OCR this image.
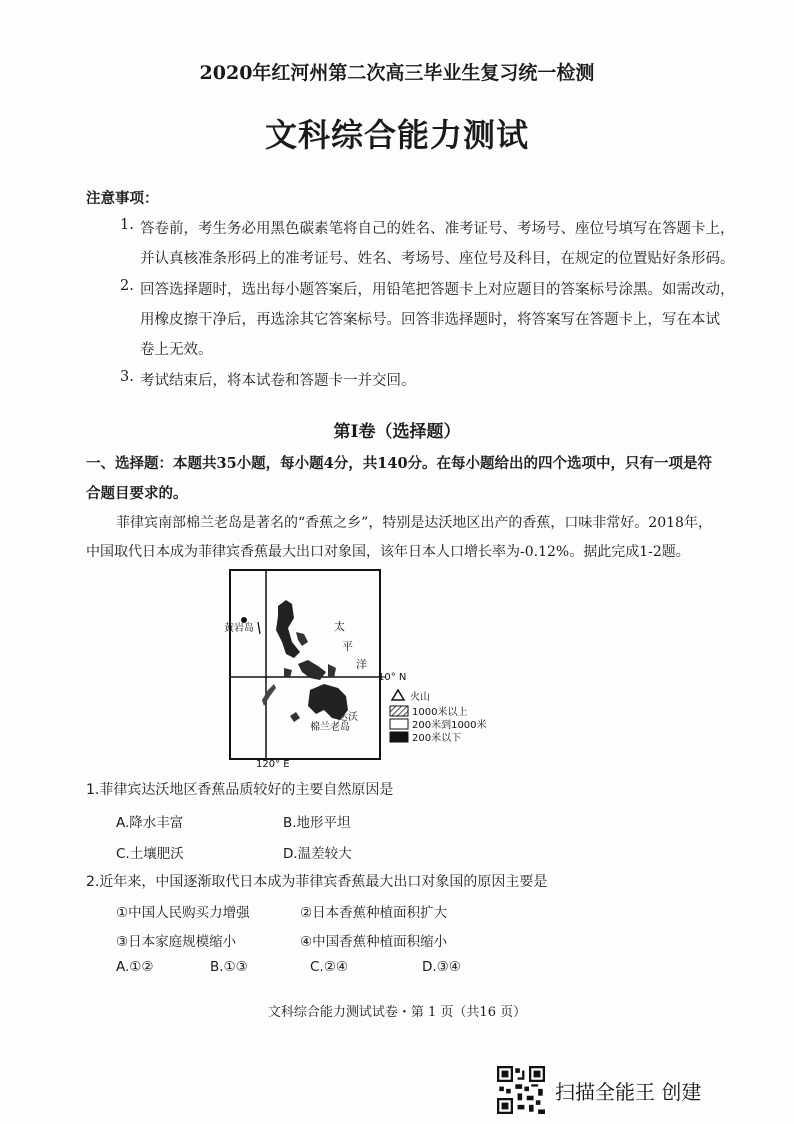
2020年红河州第二次高三毕业生复习统一检测
文科综合能力测试
注意事项：
1. 答卷前，考生务必用黑色碳素笔将自己的姓名、准考证号、考场号、座位号填写在答题卡上，
并认真核准条形码上的准考证号、姓名、考场号、座位号及科目，在规定的位置贴好条形码。
2. 回答选择题时，选出每小题答案后，用铅笔把答题卡上对应题目的答案标号涂黑。如需改动，
用橡皮擦干净后，再选涂其它答案标号。回答非选择题时，将答案写在答题卡上，写在本试
卷上无效。
3. 考试结束后，将本试卷和答题卡一并交回。
第Ⅰ卷（选择题）
一、选择题：本题共35小题，每小题4分，共140分。在每小题给出的四个选项中，只有一项是符
合题目要求的。
菲律宾南部棉兰老岛是著名的“香蕉之乡”，特别是达沃地区出产的香蕉，口味非常好。2018年，
中国取代日本成为菲律宾香蕉最大出口对象国，该年日本人口增长率为-0.12%。据此完成1-2题。
黄岩岛	太
平
洋
10° N
达沃
棉兰老岛
120° E
火山
1000米以上
200米到1000米
200米以下
1.菲律宾达沃地区香蕉品质较好的主要自然原因是
A.降水丰富	B.地形平坦
C.土壤肥沃	D.温差较大
2.近年来，中国逐渐取代日本成为菲律宾香蕉最大出口对象国的原因主要是
①中国人民购买力增强	②日本香蕉种植面积扩大
③日本家庭规模缩小	④中国香蕉种植面积缩小
A.①②	B.①③	C.②④	D.③④
文科综合能力测试试卷・第 1 页（共16 页）
扫描全能王 创建
